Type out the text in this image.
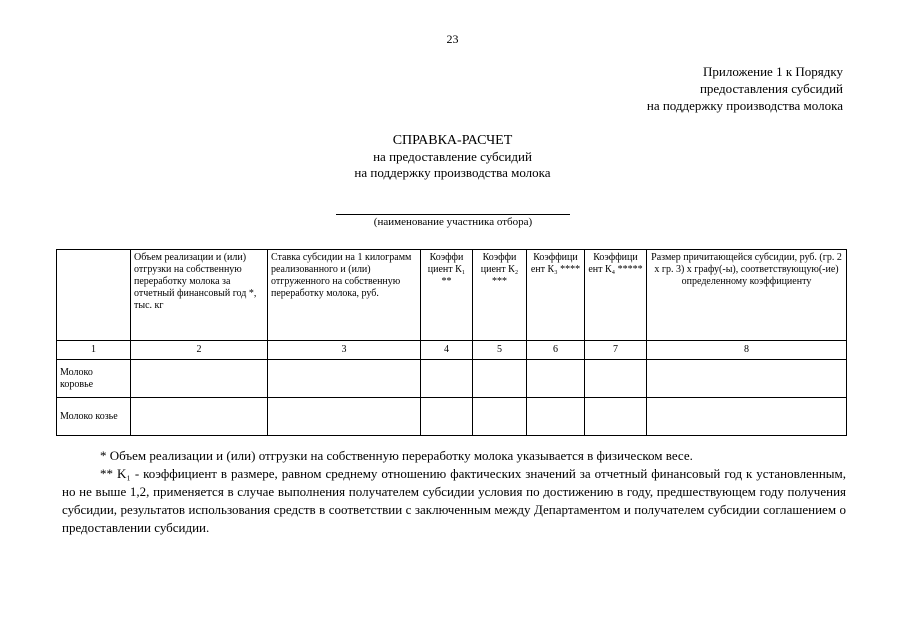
23
Приложение 1 к Порядку
предоставления субсидий
на поддержку производства молока
СПРАВКА-РАСЧЕТ
на предоставление субсидий
на поддержку производства молока
(наименование участника отбора)
	Объем реализации и (или) отгрузки на собственную переработку молока за отчетный финансовый год *, тыс. кг	Ставка субсидии на 1 килограмм реализованного и (или) отгруженного на собственную переработку молока, руб.	Коэффи циент К₁ **	Коэффи циент К₂ ***	Коэффици ент К₃ ****	Коэффици ент К₄ *****	Размер причитающейся субсидии, руб. (гр. 2 x гр. 3) x графу(-ы), соответствующую(-ие) определенному коэффициенту
1	2	3	4	5	6	7	8
Молоко коровье							
Молоко козье							

* Объем реализации и (или) отгрузки на собственную переработку молока указывается в физическом весе.

** K₁ - коэффициент в размере, равном среднему отношению фактических значений за отчетный финансовый год к установленным, но не выше 1,2, применяется в случае выполнения получателем субсидии условия по достижению в году, предшествующем году получения субсидии, результатов использования средств в соответствии с заключенным между Департаментом и получателем субсидии соглашением о предоставлении субсидии.
